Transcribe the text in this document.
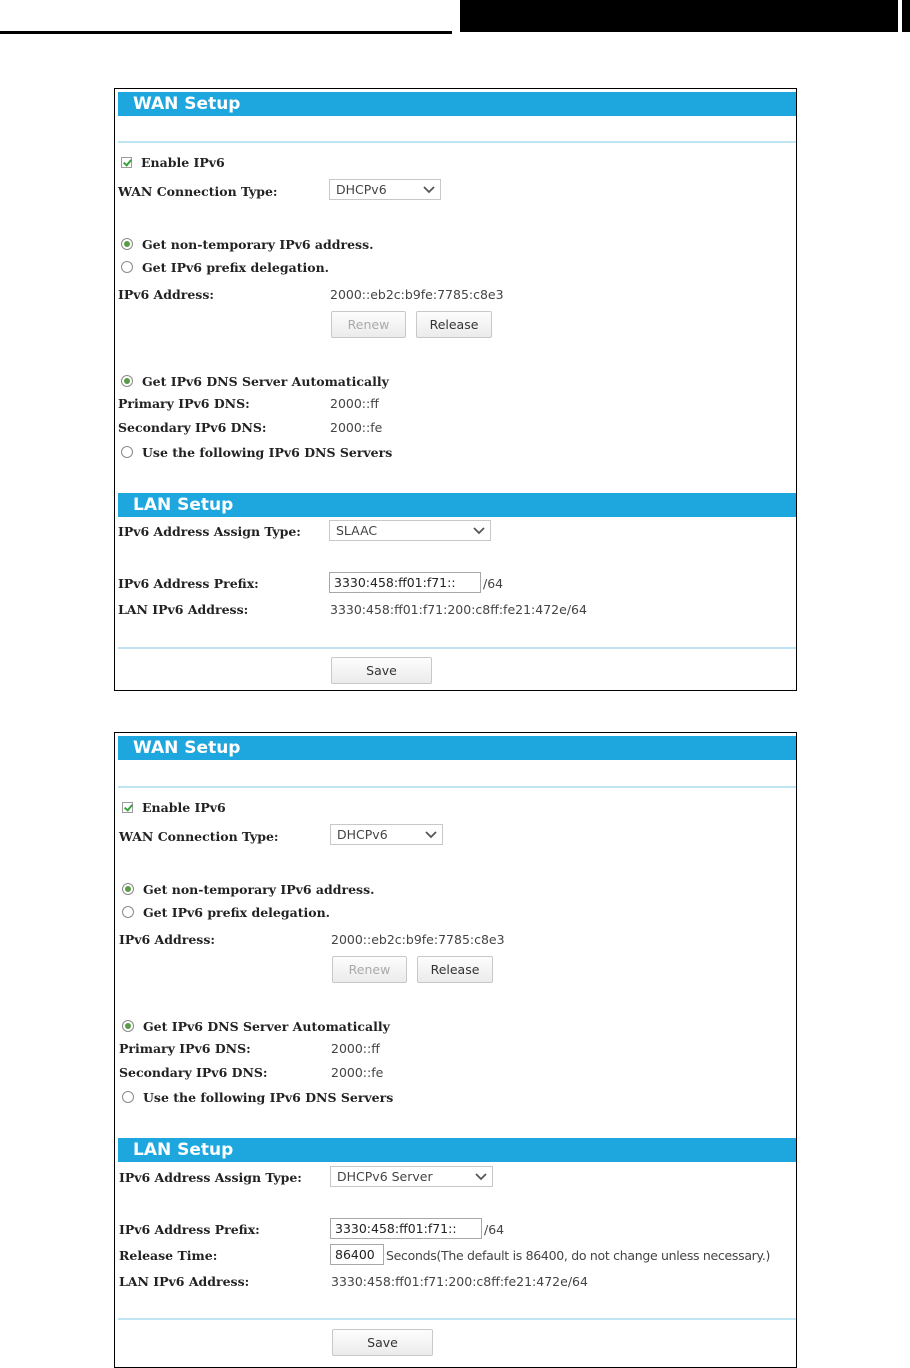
WAN Setup
Enable IPv6
WAN Connection Type:	DHCPv6
Get non-temporary IPv6 address.
Get IPv6 prefix delegation.
IPv6 Address:	2000::eb2c:b9fe:7785:c8e3
Renew	Release
Get IPv6 DNS Server Automatically
Primary IPv6 DNS:	2000::ff
Secondary IPv6 DNS:	2000::fe
Use the following IPv6 DNS Servers
LAN Setup
IPv6 Address Assign Type:	SLAAC
IPv6 Address Prefix:	3330:458:ff01:f71::	/64
LAN IPv6 Address:	3330:458:ff01:f71:200:c8ff:fe21:472e/64
Save
WAN Setup
Enable IPv6
WAN Connection Type:	DHCPv6
Get non-temporary IPv6 address.
Get IPv6 prefix delegation.
IPv6 Address:	2000::eb2c:b9fe:7785:c8e3
Renew	Release
Get IPv6 DNS Server Automatically
Primary IPv6 DNS:	2000::ff
Secondary IPv6 DNS:	2000::fe
Use the following IPv6 DNS Servers
LAN Setup
IPv6 Address Assign Type:	DHCPv6 Server
IPv6 Address Prefix:	3330:458:ff01:f71::	/64
Release Time:	86400 Seconds(The default is 86400, do not change unless necessary.)
LAN IPv6 Address:	3330:458:ff01:f71:200:c8ff:fe21:472e/64
Save
